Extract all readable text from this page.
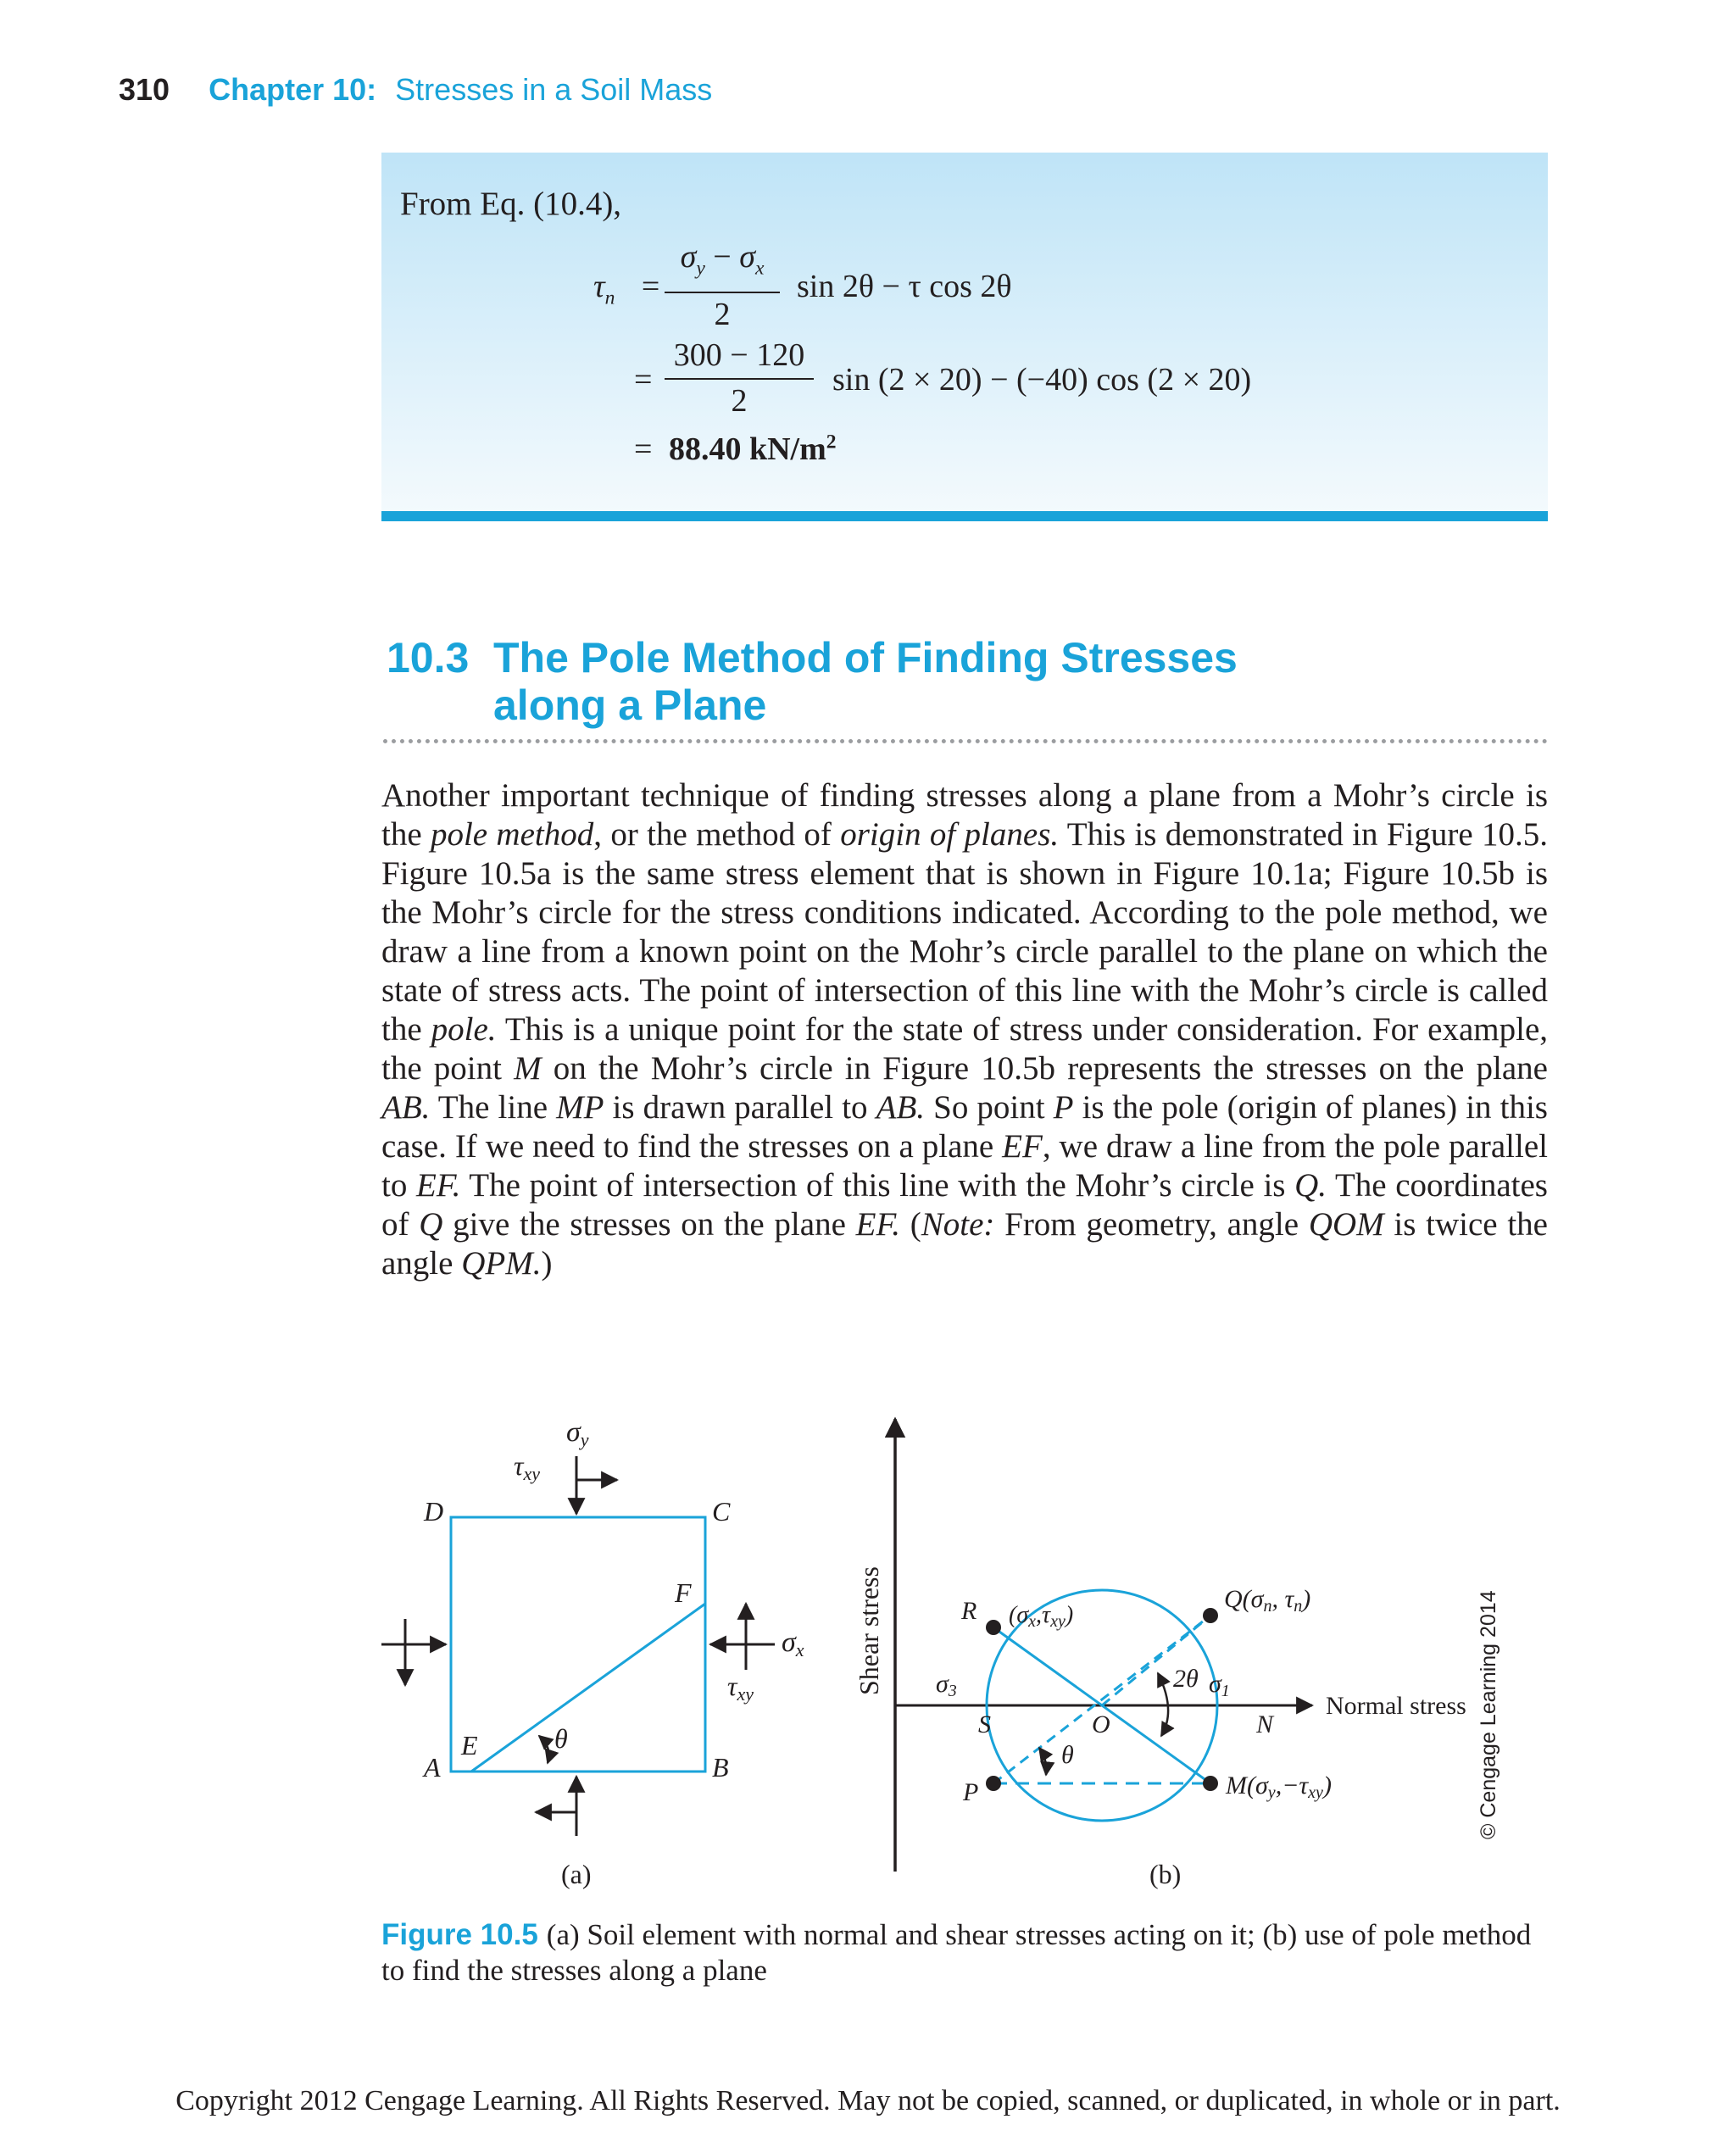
310 Chapter 10: Stresses in a Soil Mass
From Eq. (10.4),
$\tau_n = \frac{\sigma_y - \sigma_x}{2}$ sin 2θ − τ cos 2θ
= $\frac{300 - 120}{2}$ sin (2 × 20) − (−40) cos (2 × 20)
= 88.40 $kN/m^2$
10.3 The Pole Method of Finding Stresses
along a Plane

Another important technique of finding stresses along a plane from a Mohr’s circle is the pole method, or the method of origin of planes. This is demonstrated in Figure 10.5. Figure 10.5a is the same stress element that is shown in Figure 10.1a; Figure 10.5b is the Mohr’s circle for the stress conditions indicated. According to the pole method, we draw a line from a known point on the Mohr’s circle parallel to the plane on which the state of stress acts. The point of intersection of this line with the Mohr’s circle is called the pole. This is a unique point for the state of stress under consideration. For example, the point M on the Mohr’s circle in Figure 10.5b represents the stresses on the plane AB. The line MP is drawn parallel to AB. So point P is the pole (origin of planes) in this case. If we need to find the stresses on a plane EF, we draw a line from the pole parallel to EF. The point of intersection of this line with the Mohr’s circle is Q. The coordinates of Q give the stresses on the plane EF. (Note: From geometry, angle QOM is twice the angle QPM.)

σy
τxy
σx
τxy
D	C
A	B
E
F
θ
(a)
Shear stress
Normal stress
R (σx,τxy)
Q(σn, τn)
M(σy,−τxy)
P
S	O	N
σ3	2θ σ1
θ
(b)
© Cengage Learning 2014

Figure 10.5 (a) Soil element with normal and shear stresses acting on it; (b) use of pole method to find the stresses along a plane

Copyright 2012 Cengage Learning. All Rights Reserved. May not be copied, scanned, or duplicated, in whole or in part.
